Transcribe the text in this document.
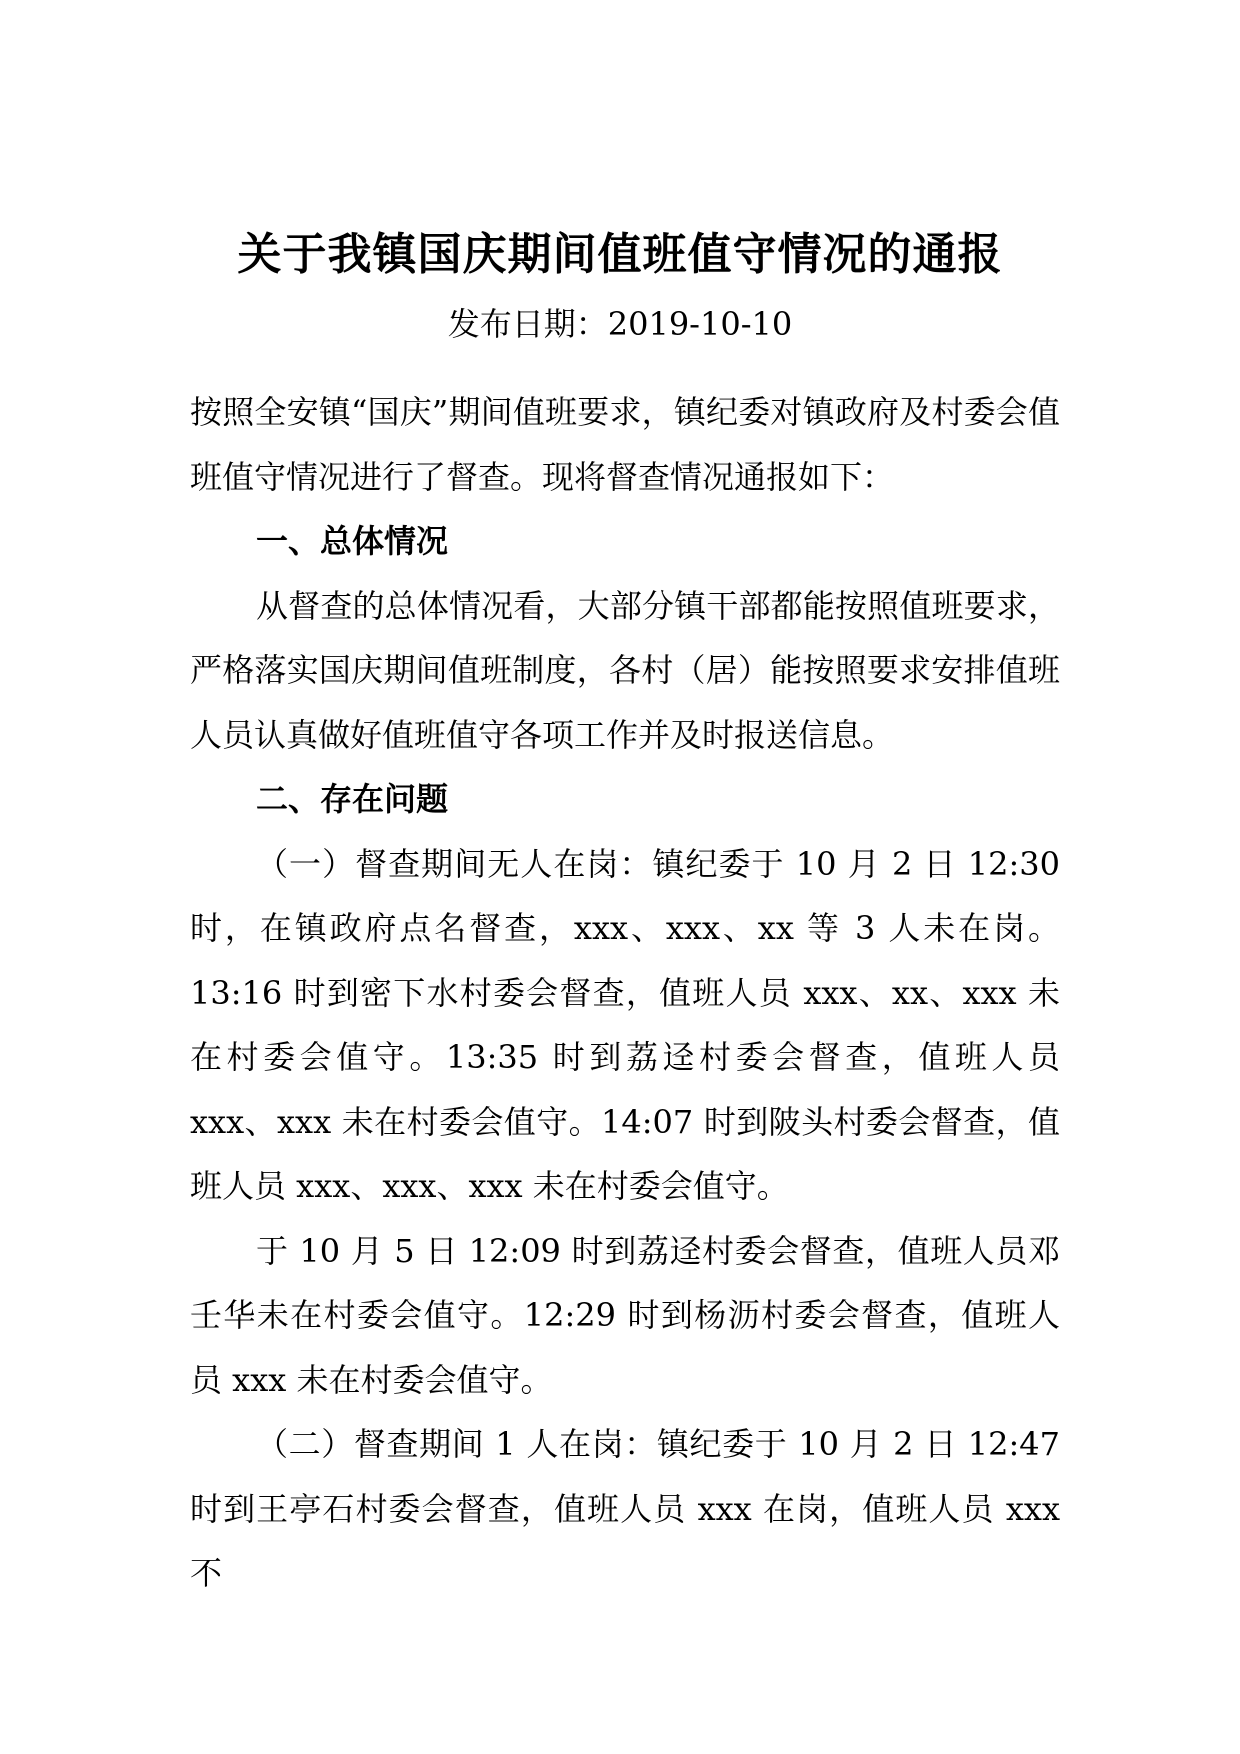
关于我镇国庆期间值班值守情况的通报
发布日期：2019-10-10

按照全安镇“国庆”期间值班要求，镇纪委对镇政府及村委会值班值守情况进行了督查。现将督查情况通报如下：

一、总体情况

从督查的总体情况看，大部分镇干部都能按照值班要求，严格落实国庆期间值班制度，各村（居）能按照要求安排值班人员认真做好值班值守各项工作并及时报送信息。

二、存在问题

（一）督查期间无人在岗：镇纪委于 10 月 2 日 12:30 时，在镇政府点名督查，xxx、xxx、xx 等 3 人未在岗。13:16 时到密下水村委会督查，值班人员 xxx、xx、xxx 未在村委会值守。13:35 时到荔迳村委会督查，值班人员 xxx、xxx 未在村委会值守。14:07 时到陂头村委会督查，值班人员 xxx、xxx、xxx 未在村委会值守。

于 10 月 5 日 12:09 时到荔迳村委会督查，值班人员邓壬华未在村委会值守。12:29 时到杨沥村委会督查，值班人员 xxx 未在村委会值守。

（二）督查期间 1 人在岗：镇纪委于 10 月 2 日 12:47 时到王亭石村委会督查，值班人员 xxx 在岗，值班人员 xxx 不
